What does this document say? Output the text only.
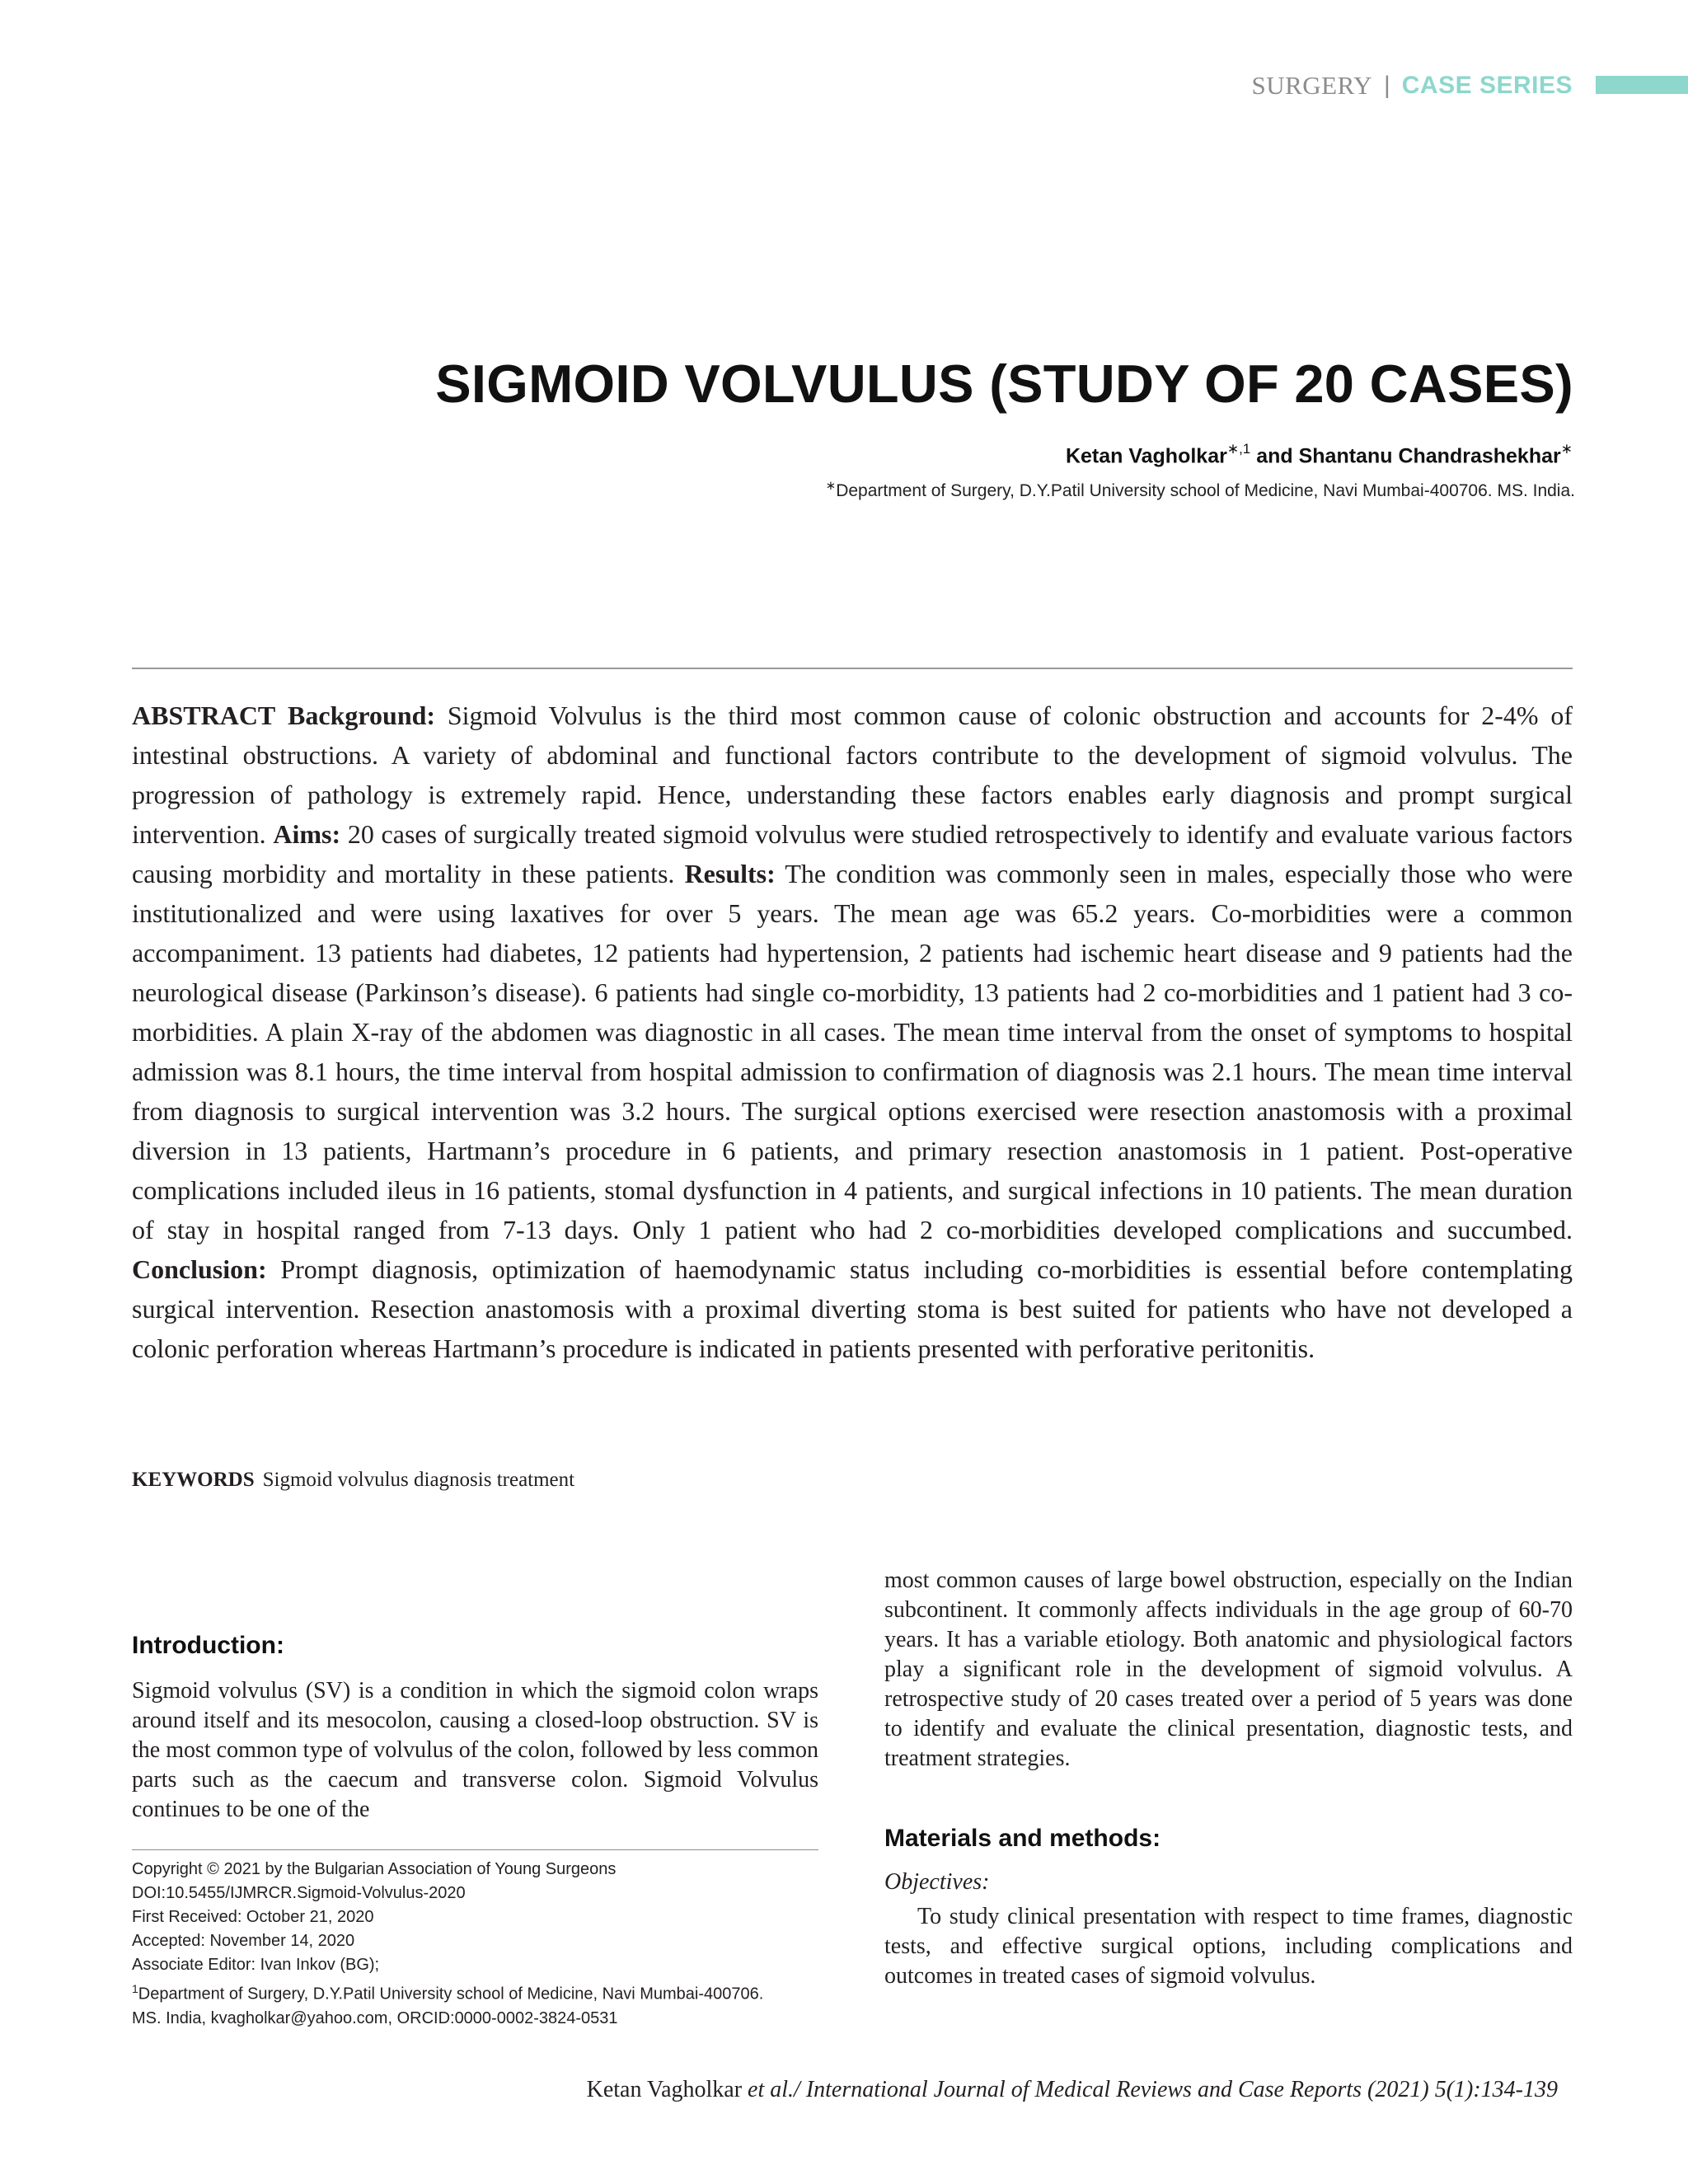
SURGERY | CASE SERIES
SIGMOID VOLVULUS (STUDY OF 20 CASES)
Ketan Vagholkar$^{∗,1}$ and Shantanu Chandrashekhar∗
∗Department of Surgery, D.Y.Patil University school of Medicine, Navi Mumbai-400706. MS. India.
ABSTRACT Background: Sigmoid Volvulus is the third most common cause of colonic obstruction and accounts for 2-4% of intestinal obstructions. A variety of abdominal and functional factors contribute to the development of sigmoid volvulus. The progression of pathology is extremely rapid. Hence, understanding these factors enables early diagnosis and prompt surgical intervention. Aims: 20 cases of surgically treated sigmoid volvulus were studied retrospectively to identify and evaluate various factors causing morbidity and mortality in these patients. Results: The condition was commonly seen in males, especially those who were institutionalized and were using laxatives for over 5 years. The mean age was 65.2 years. Co-morbidities were a common accompaniment. 13 patients had diabetes, 12 patients had hypertension, 2 patients had ischemic heart disease and 9 patients had the neurological disease (Parkinson’s disease). 6 patients had single co-morbidity, 13 patients had 2 co-morbidities and 1 patient had 3 co-morbidities. A plain X-ray of the abdomen was diagnostic in all cases. The mean time interval from the onset of symptoms to hospital admission was 8.1 hours, the time interval from hospital admission to confirmation of diagnosis was 2.1 hours. The mean time interval from diagnosis to surgical intervention was 3.2 hours. The surgical options exercised were resection anastomosis with a proximal diversion in 13 patients, Hartmann’s procedure in 6 patients, and primary resection anastomosis in 1 patient. Post-operative complications included ileus in 16 patients, stomal dysfunction in 4 patients, and surgical infections in 10 patients. The mean duration of stay in hospital ranged from 7-13 days. Only 1 patient who had 2 co-morbidities developed complications and succumbed. Conclusion: Prompt diagnosis, optimization of haemodynamic status including co-morbidities is essential before contemplating surgical intervention. Resection anastomosis with a proximal diverting stoma is best suited for patients who have not developed a colonic perforation whereas Hartmann’s procedure is indicated in patients presented with perforative peritonitis.
KEYWORDS Sigmoid volvulus diagnosis treatment
Introduction:

Sigmoid volvulus (SV) is a condition in which the sigmoid colon wraps around itself and its mesocolon, causing a closed-loop obstruction. SV is the most common type of volvulus of the colon, followed by less common parts such as the caecum and transverse colon. Sigmoid Volvulus continues to be one of the

Copyright © 2021 by the Bulgarian Association of Young Surgeons
DOI:10.5455/IJMRCR.Sigmoid-Volvulus-2020
First Received: October 21, 2020
Accepted: November 14, 2020
Associate Editor: Ivan Inkov (BG);
$^1$Department of Surgery, D.Y.Patil University school of Medicine, Navi Mumbai-400706.
MS. India, kvagholkar@yahoo.com, ORCID:0000-0002-3824-0531

most common causes of large bowel obstruction, especially on the Indian subcontinent. It commonly affects individuals in the age group of 60-70 years. It has a variable etiology. Both anatomic and physiological factors play a significant role in the development of sigmoid volvulus. A retrospective study of 20 cases treated over a period of 5 years was done to identify and evaluate the clinical presentation, diagnostic tests, and treatment strategies.

Materials and methods:
Objectives:

To study clinical presentation with respect to time frames, diagnostic tests, and effective surgical options, including complications and outcomes in treated cases of sigmoid volvulus.

Ketan Vagholkar et al./ International Journal of Medical Reviews and Case Reports (2021) 5(1):134-139
